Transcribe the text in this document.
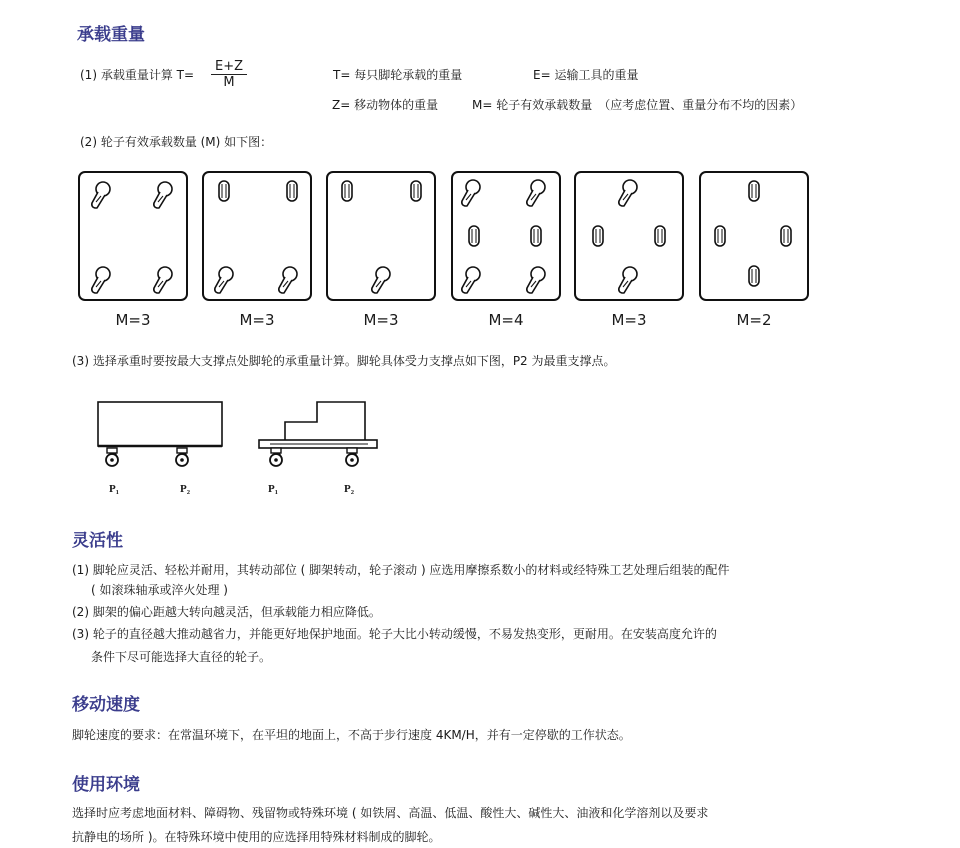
承载重量
(1) 承载重量计算 $T= \frac{E+Z}{M}$	T= 每只脚轮承载的重量	E= 运输工具的重量
Z= 移动物体的重量	M= 轮子有效承载数量　（应考虑位置、重量分布不均的因素）
(2) 轮子有效承载数量 (M) 如下图：
M=3	M=3	M=3	M=4	M=3	M=2
(3) 选择承重时要按最大支撑点处脚轮的承重量计算。脚轮具体受力支撑点如下图，P2 为最重支撑点。
P₁	P₂	P₁	P₂
灵活性
(1) 脚轮应灵活、轻松并耐用，其转动部位 ( 脚架转动，轮子滚动 ) 应选用摩擦系数小的材料或经特殊工艺处理后组装的配件
( 如滚珠轴承或淬火处理 )
(2) 脚架的偏心距越大转向越灵活，但承载能力相应降低。
(3) 轮子的直径越大推动越省力，并能更好地保护地面。轮子大比小转动缓慢，不易发热变形，更耐用。在安装高度允许的
条件下尽可能选择大直径的轮子。
移动速度
脚轮速度的要求：在常温环境下，在平坦的地面上，不高于步行速度 4KM/H，并有一定停歇的工作状态。
使用环境
选择时应考虑地面材料、障碍物、残留物或特殊环境 ( 如铁屑、高温、低温、酸性大、碱性大、油液和化学溶剂以及要求
抗静电的场所 )。在特殊环境中使用的应选择用特殊材料制成的脚轮。
